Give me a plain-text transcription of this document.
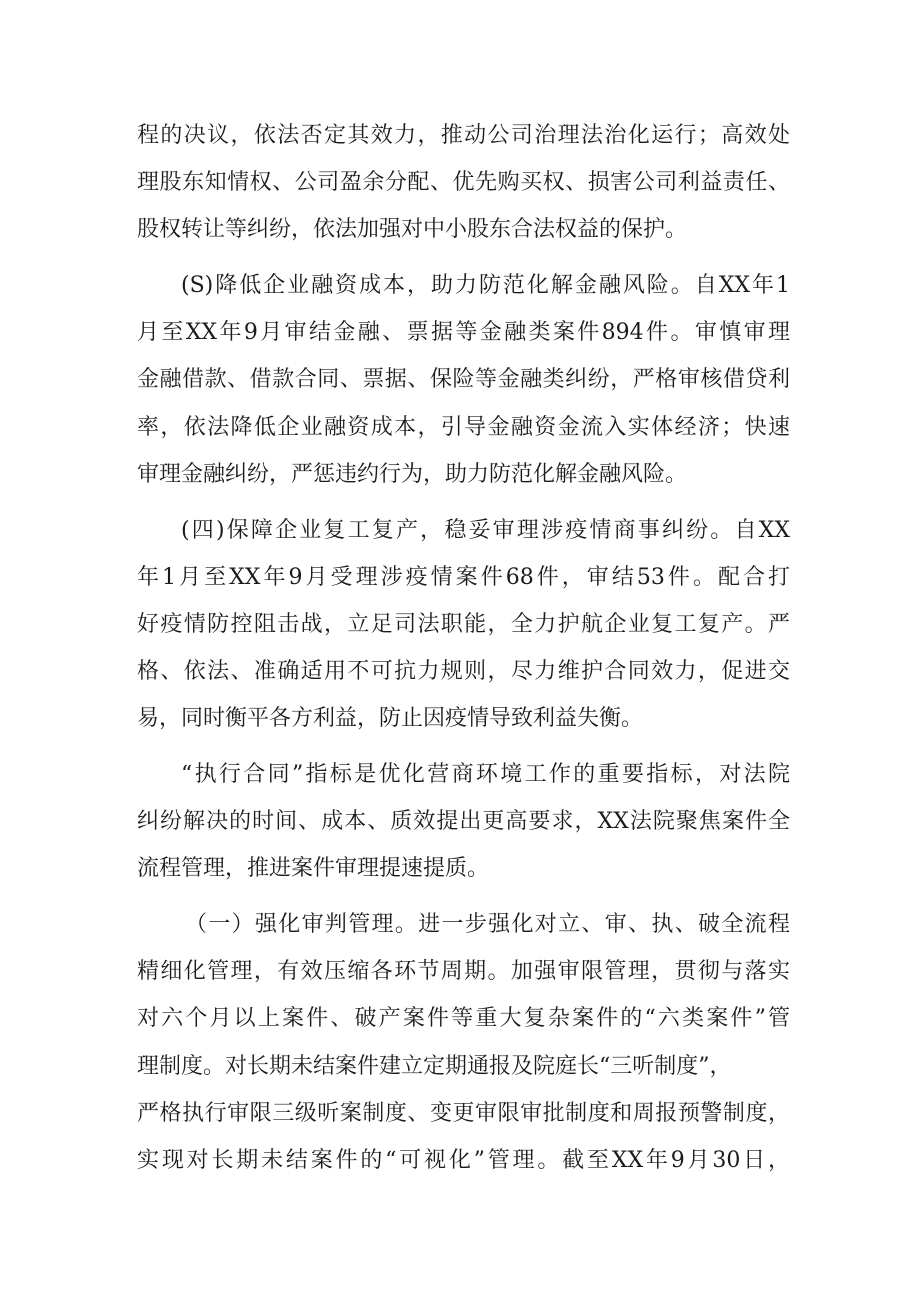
程的决议，依法否定其效力，推动公司治理法治化运行；高效处
理股东知情权、公司盈余分配、优先购买权、损害公司利益责任、
股权转让等纠纷，依法加强对中小股东合法权益的保护。
(S)降低企业融资成本，助力防范化解金融风险。自XX年1
月至XX年9月审结金融、票据等金融类案件894件。审慎审理
金融借款、借款合同、票据、保险等金融类纠纷，严格审核借贷利
率，依法降低企业融资成本，引导金融资金流入实体经济；快速
审理金融纠纷，严惩违约行为，助力防范化解金融风险。
(四)保障企业复工复产，稳妥审理涉疫情商事纠纷。自XX
年1月至XX年9月受理涉疫情案件68件，审结53件。配合打
好疫情防控阻击战，立足司法职能，全力护航企业复工复产。严
格、依法、准确适用不可抗力规则，尽力维护合同效力，促进交
易，同时衡平各方利益，防止因疫情导致利益失衡。
“执行合同”指标是优化营商环境工作的重要指标，对法院
纠纷解决的时间、成本、质效提出更高要求，XX法院聚焦案件全
流程管理，推进案件审理提速提质。
（一）强化审判管理。进一步强化对立、审、执、破全流程
精细化管理，有效压缩各环节周期。加强审限管理，贯彻与落实
对六个月以上案件、破产案件等重大复杂案件的“六类案件”管
理制度。对长期未结案件建立定期通报及院庭长“三听制度”，
严格执行审限三级听案制度、变更审限审批制度和周报预警制度，
实现对长期未结案件的“可视化”管理。截至XX年9月30日，
